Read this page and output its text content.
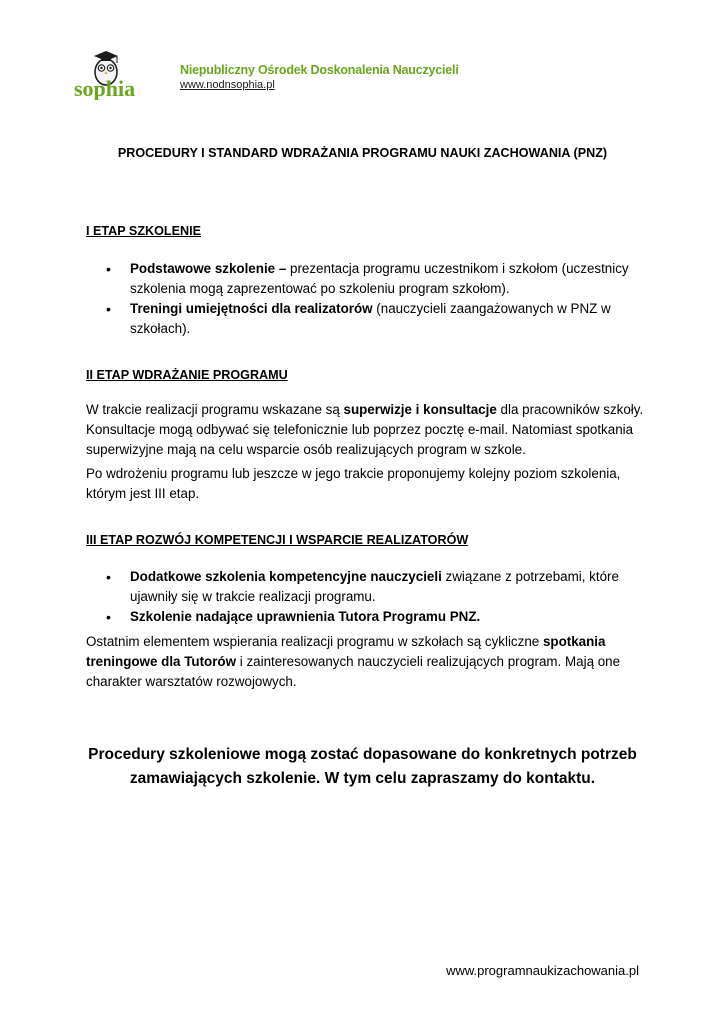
sophia
Niepubliczny Ośrodek Doskonalenia Nauczycieli
www.nodnsophia.pl
PROCEDURY I STANDARD WDRAŻANIA PROGRAMU NAUKI ZACHOWANIA (PNZ)
I ETAP SZKOLENIE
• Podstawowe szkolenie – prezentacja programu uczestnikom i szkołom (uczestnicy szkolenia mogą zaprezentować po szkoleniu program szkołom).
• Treningi umiejętności dla realizatorów (nauczycieli zaangażowanych w PNZ w szkołach).
II ETAP WDRAŻANIE PROGRAMU

W trakcie realizacji programu wskazane są superwizje i konsultacje dla pracowników szkoły. Konsultacje mogą odbywać się telefonicznie lub poprzez pocztę e-mail. Natomiast spotkania superwizyjne mają na celu wsparcie osób realizujących program w szkole.

Po wdrożeniu programu lub jeszcze w jego trakcie proponujemy kolejny poziom szkolenia, którym jest III etap.

III ETAP ROZWÓJ KOMPETENCJI I WSPARCIE REALIZATORÓW
• Dodatkowe szkolenia kompetencyjne nauczycieli związane z potrzebami, które ujawniły się w trakcie realizacji programu.
• Szkolenie nadające uprawnienia Tutora Programu PNZ.

Ostatnim elementem wspierania realizacji programu w szkołach są cykliczne spotkania treningowe dla Tutorów i zainteresowanych nauczycieli realizujących program. Mają one charakter warsztatów rozwojowych.

Procedury szkoleniowe mogą zostać dopasowane do konkretnych potrzeb zamawiających szkolenie. W tym celu zapraszamy do kontaktu.
www.programnaukizachowania.pl
